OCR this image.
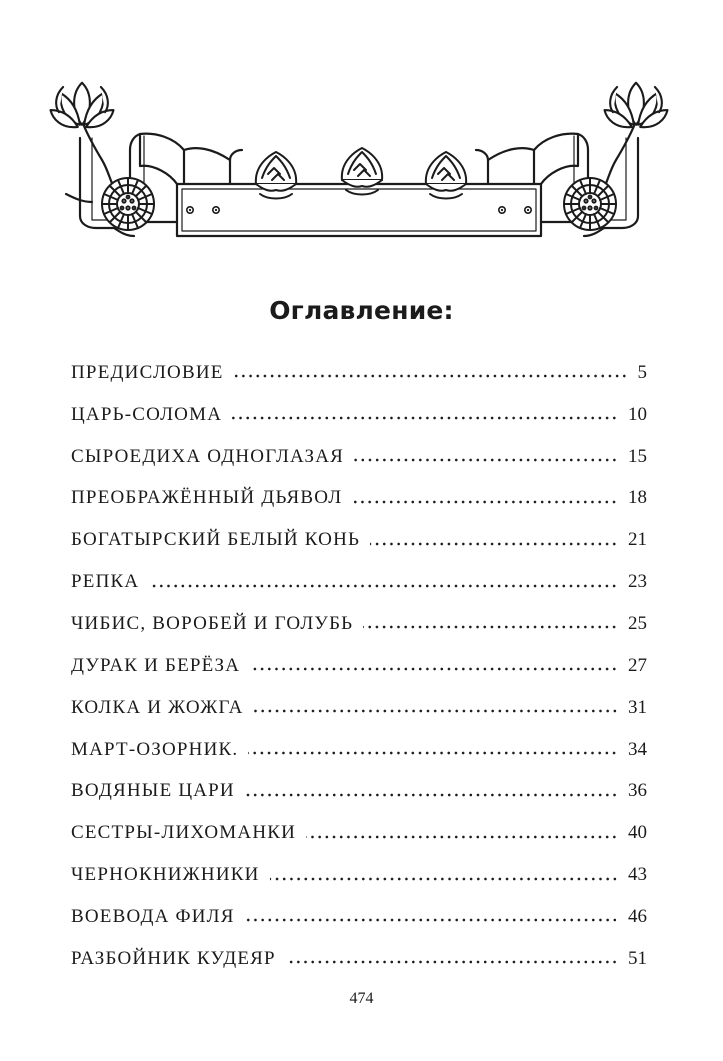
Оглавление:
ПРЕДИСЛОВИЕ	5
ЦАРЬ-СОЛОМА	10
СЫРОЕДИХА ОДНОГЛАЗАЯ	15
ПРЕОБРАЖЁННЫЙ ДЬЯВОЛ	18
БОГАТЫРСКИЙ БЕЛЫЙ КОНЬ	21
РЕПКА	23
ЧИБИС, ВОРОБЕЙ И ГОЛУБЬ	25
ДУРАК И БЕРЁЗА	27
КОЛКА И ЖОЖГА	31
МАРТ-ОЗОРНИК.	34
ВОДЯНЫЕ ЦАРИ	36
СЕСТРЫ-ЛИХОМАНКИ	40
ЧЕРНОКНИЖНИКИ	43
ВОЕВОДА ФИЛЯ	46
РАЗБОЙНИК КУДЕЯР	51
474
